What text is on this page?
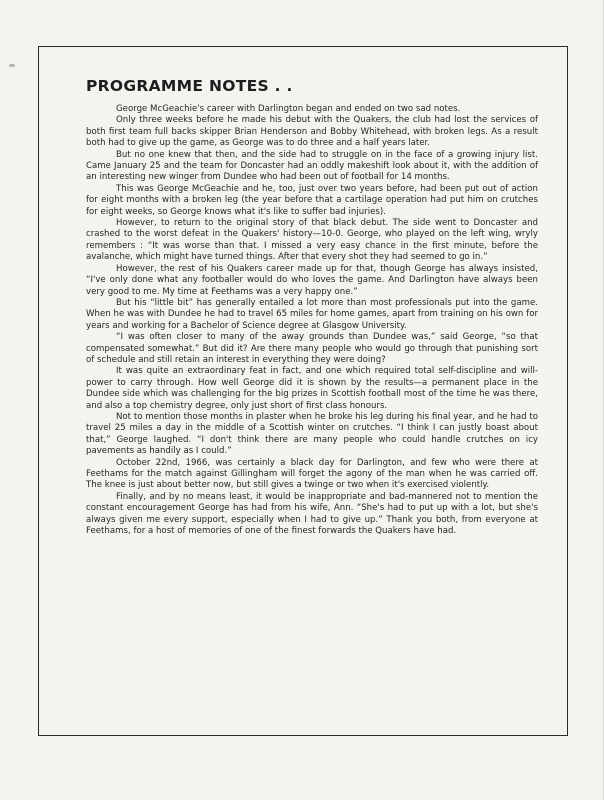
PROGRAMME NOTES . .

George McGeachie's career with Darlington began and ended on two sad notes.

Only three weeks before he made his debut with the Quakers, the club had lost the services of both first team full backs skipper Brian Henderson and Bobby Whitehead, with broken legs. As a result both had to give up the game, as George was to do three and a half years later.

But no one knew that then, and the side had to struggle on in the face of a growing injury list. Came January 25 and the team for Doncaster had an oddly makeshift look about it, with the addition of an interesting new winger from Dundee who had been out of football for 14 months.

This was George McGeachie and he, too, just over two years before, had been put out of action for eight months with a broken leg (the year before that a cartilage operation had put him on crutches for eight weeks, so George knows what it's like to suffer bad injuries).

However, to return to the original story of that black debut. The side went to Doncaster and crashed to the worst defeat in the Quakers' history—10-0. George, who played on the left wing, wryly remembers : “It was worse than that. I missed a very easy chance in the first minute, before the avalanche, which might have turned things. After that every shot they had seemed to go in.”

However, the rest of his Quakers career made up for that, though George has always insisted, “I've only done what any footballer would do who loves the game. And Darlington have always been very good to me. My time at Feethams was a very happy one.”

But his “little bit” has generally entailed a lot more than most professionals put into the game. When he was with Dundee he had to travel 65 miles for home games, apart from training on his own for years and working for a Bachelor of Science degree at Glasgow University.

“I was often closer to many of the away grounds than Dundee was,” said George, “so that compensated somewhat.” But did it? Are there many people who would go through that punishing sort of schedule and still retain an interest in everything they were doing?

It was quite an extraordinary feat in fact, and one which required total self-discipline and will-power to carry through. How well George did it is shown by the results—a permanent place in the Dundee side which was challenging for the big prizes in Scottish football most of the time he was there, and also a top chemistry degree, only just short of first class honours.

Not to mention those months in plaster when he broke his leg during his final year, and he had to travel 25 miles a day in the middle of a Scottish winter on crutches. “I think I can justly boast about that,” George laughed. “I don't think there are many people who could handle crutches on icy pavements as handily as I could.”

October 22nd, 1966, was certainly a black day for Darlington, and few who were there at Feethams for the match against Gillingham will forget the agony of the man when he was carried off. The knee is just about better now, but still gives a twinge or two when it's exercised violently.

Finally, and by no means least, it would be inappropriate and bad-mannered not to mention the constant encouragement George has had from his wife, Ann. “She's had to put up with a lot, but she's always given me every support, especially when I had to give up.” Thank you both, from everyone at Feethams, for a host of memories of one of the finest forwards the Quakers have had.
